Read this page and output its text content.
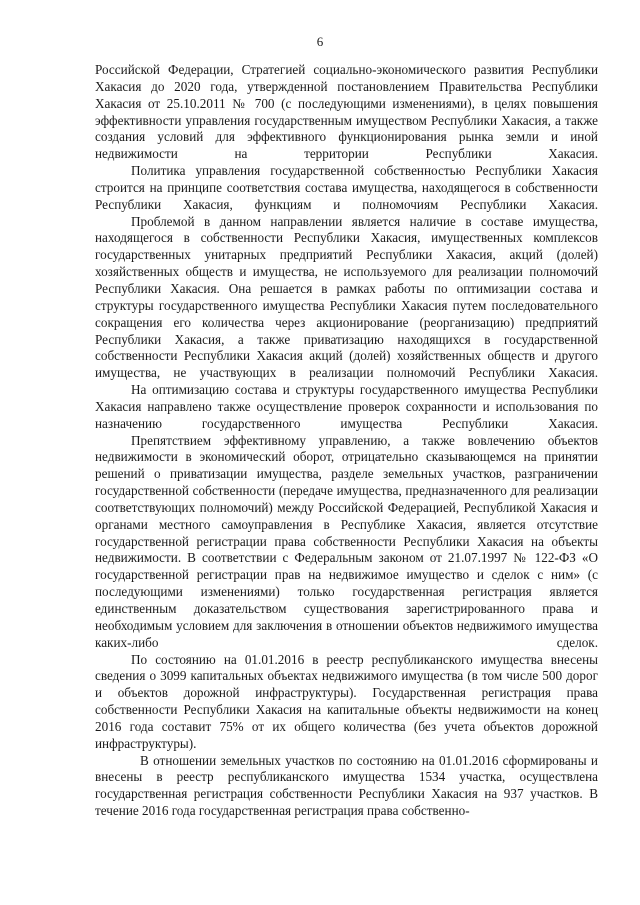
6

Российской Федерации, Стратегией социально-экономического развития Республики Хакасия до 2020 года, утвержденной постановлением Правительства Республики Хакасия от 25.10.2011 № 700 (с последующими изменениями), в целях повышения эффективности управления государственным имуществом Республики Хакасия, а также создания условий для эффективного функционирования рынка земли и иной недвижимости на территории Республики Хакасия.

Политика управления государственной собственностью Республики Хакасия строится на принципе соответствия состава имущества, находящегося в собственности Республики Хакасия, функциям и полномочиям Республики Хакасия.

Проблемой в данном направлении является наличие в составе имущества, находящегося в собственности Республики Хакасия, имущественных комплексов государственных унитарных предприятий Республики Хакасия, акций (долей) хозяйственных обществ и имущества, не используемого для реализации полномочий Республики Хакасия. Она решается в рамках работы по оптимизации состава и структуры государственного имущества Республики Хакасия путем последовательного сокращения его количества через акционирование (реорганизацию) предприятий Республики Хакасия, а также приватизацию находящихся в государственной собственности Республики Хакасия акций (долей) хозяйственных обществ и другого имущества, не участвующих в реализации полномочий Республики Хакасия.

На оптимизацию состава и структуры государственного имущества Республики Хакасия направлено также осуществление проверок сохранности и использования по назначению государственного имущества Республики Хакасия.

Препятствием эффективному управлению, а также вовлечению объектов недвижимости в экономический оборот, отрицательно сказывающемся на принятии решений о приватизации имущества, разделе земельных участков, разграничении государственной собственности (передаче имущества, предназначенного для реализации соответствующих полномочий) между Российской Федерацией, Республикой Хакасия и органами местного самоуправления в Республике Хакасия, является отсутствие государственной регистрации права собственности Республики Хакасия на объекты недвижимости. В соответствии с Федеральным законом от 21.07.1997 № 122-ФЗ «О государственной регистрации прав на недвижимое имущество и сделок с ним» (с последующими изменениями) только государственная регистрация является единственным доказательством существования зарегистрированного права и необходимым условием для заключения в отношении объектов недвижимого имущества каких-либо сделок.

По состоянию на 01.01.2016 в реестр республиканского имущества внесены сведения о 3099 капитальных объектах недвижимого имущества (в том числе 500 дорог и объектов дорожной инфраструктуры). Государственная регистрация права собственности Республики Хакасия на капитальные объекты недвижимости на конец 2016 года составит 75% от их общего количества (без учета объектов дорожной инфраструктуры).

В отношении земельных участков по состоянию на 01.01.2016 сформированы и внесены в реестр республиканского имущества 1534 участка, осуществлена государственная регистрация собственности Республики Хакасия на 937 участков. В течение 2016 года государственная регистрация права собственно-
